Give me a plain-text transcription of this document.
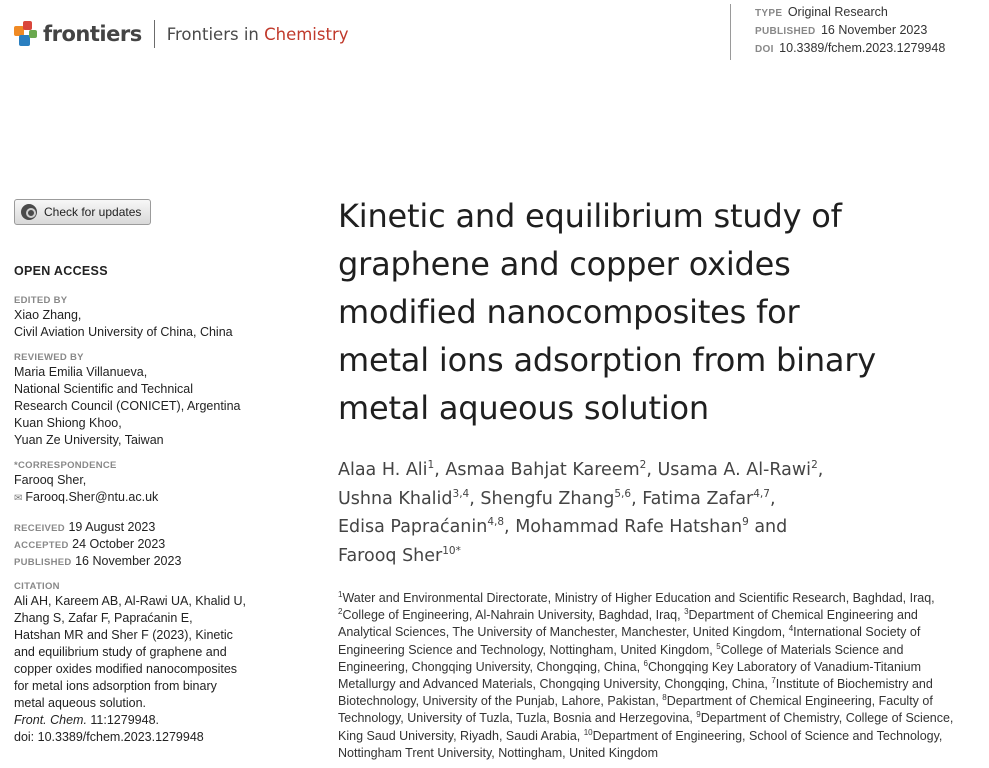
frontiers Frontiers in Chemistry
TYPE Original Research
PUBLISHED 16 November 2023
DOI 10.3389/fchem.2023.1279948
Check for updates
OPEN ACCESS
EDITED BY
Xiao Zhang,
Civil Aviation University of China, China
REVIEWED BY
Maria Emilia Villanueva,
National Scientific and Technical
Research Council (CONICET), Argentina
Kuan Shiong Khoo,
Yuan Ze University, Taiwan
*CORRESPONDENCE
Farooq Sher,
✉ Farooq.Sher@ntu.ac.uk
RECEIVED 19 August 2023
ACCEPTED 24 October 2023
PUBLISHED 16 November 2023
CITATION
Ali AH, Kareem AB, Al-Rawi UA, Khalid U,
Zhang S, Zafar F, Paprаćanin E,
Hatshan MR and Sher F (2023), Kinetic
and equilibrium study of graphene and
copper oxides modified nanocomposites
for metal ions adsorption from binary
metal aqueous solution.
Front. Chem. 11:1279948.
doi: 10.3389/fchem.2023.1279948
Kinetic and equilibrium study of
graphene and copper oxides
modified nanocomposites for
metal ions adsorption from binary
metal aqueous solution
Alaa H. Ali$^1$, Asmaa Bahjat Kareem$^2$, Usama A. Al-Rawi$^2$,
Ushna Khalid$^{3,4}$, Shengfu Zhang$^{5,6}$, Fatima Zafar$^{4,7}$,
Edisa Papraćanin$^{4,8}$, Mohammad Rafe Hatshan$^9$ and
Farooq Sher$^{10*}$
$^1$Water and Environmental Directorate, Ministry of Higher Education and Scientific Research, Baghdad, Iraq, $^2$College of Engineering, Al-Nahrain University, Baghdad, Iraq, $^3$Department of Chemical Engineering and Analytical Sciences, The University of Manchester, Manchester, United Kingdom, $^4$International Society of Engineering Science and Technology, Nottingham, United Kingdom, $^5$College of Materials Science and Engineering, Chongqing University, Chongqing, China, $^6$Chongqing Key Laboratory of Vanadium-Titanium Metallurgy and Advanced Materials, Chongqing University, Chongqing, China, $^7$Institute of Biochemistry and Biotechnology, University of the Punjab, Lahore, Pakistan, $^8$Department of Chemical Engineering, Faculty of Technology, University of Tuzla, Tuzla, Bosnia and Herzegovina, $^9$Department of Chemistry, College of Science, King Saud University, Riyadh, Saudi Arabia, $^{10}$Department of Engineering, School of Science and Technology, Nottingham Trent University, Nottingham, United Kingdom
